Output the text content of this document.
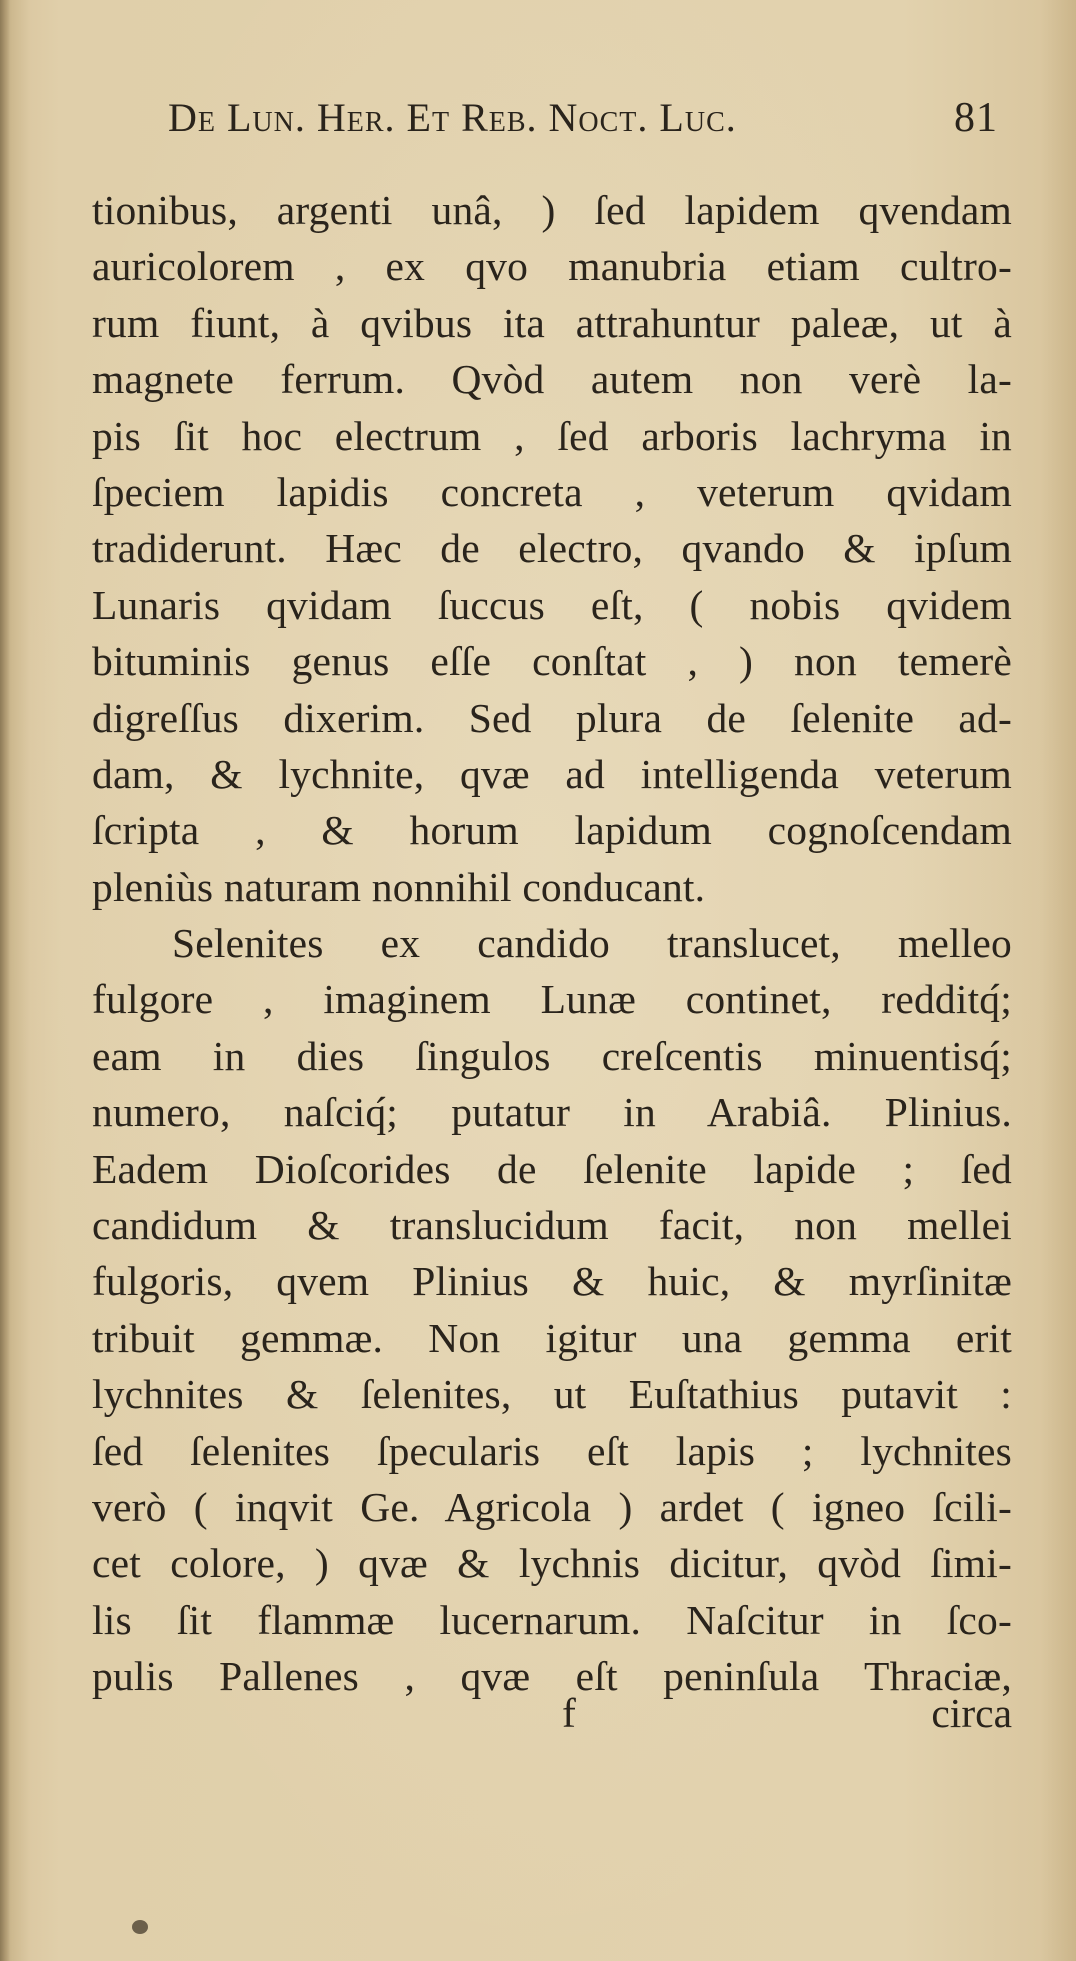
De Lun. Her. Et Reb. Noct. Luc.	81
tionibus, argenti unâ, ) ſed lapidem qvendam
auricolorem , ex qvo manubria etiam cultro-
rum fiunt, à qvibus ita attrahuntur paleæ, ut à
magnete ferrum. Qvòd autem non verè la-
pis ſit hoc electrum , ſed arboris lachryma in
ſpeciem lapidis concreta , veterum qvidam
tradiderunt. Hæc de electro, qvando & ipſum
Lunaris qvidam ſuccus eſt, ( nobis qvidem
bituminis genus eſſe conſtat , ) non temerè
digreſſus dixerim. Sed plura de ſelenite ad-
dam, & lychnite, qvæ ad intelligenda veterum
ſcripta , & horum lapidum cognoſcendam
pleniùs naturam nonnihil conducant.
Selenites ex candido translucet, melleo
fulgore , imaginem Lunæ continet, redditq́;
eam in dies ſingulos creſcentis minuentisq́;
numero, naſciq́; putatur in Arabiâ. Plinius.
Eadem Dioſcorides de ſelenite lapide ; ſed
candidum & translucidum facit, non mellei
fulgoris, qvem Plinius & huic, & myrſinitæ
tribuit gemmæ. Non igitur una gemma erit
lychnites & ſelenites, ut Euſtathius putavit :
ſed ſelenites ſpecularis eſt lapis ; lychnites
verò ( inqvit Ge. Agricola ) ardet ( igneo ſcili-
cet colore, ) qvæ & lychnis dicitur, qvòd ſimi-
lis ſit flammæ lucernarum. Naſcitur in ſco-
pulis Pallenes , qvæ eſt peninſula Thraciæ,
f	circa
